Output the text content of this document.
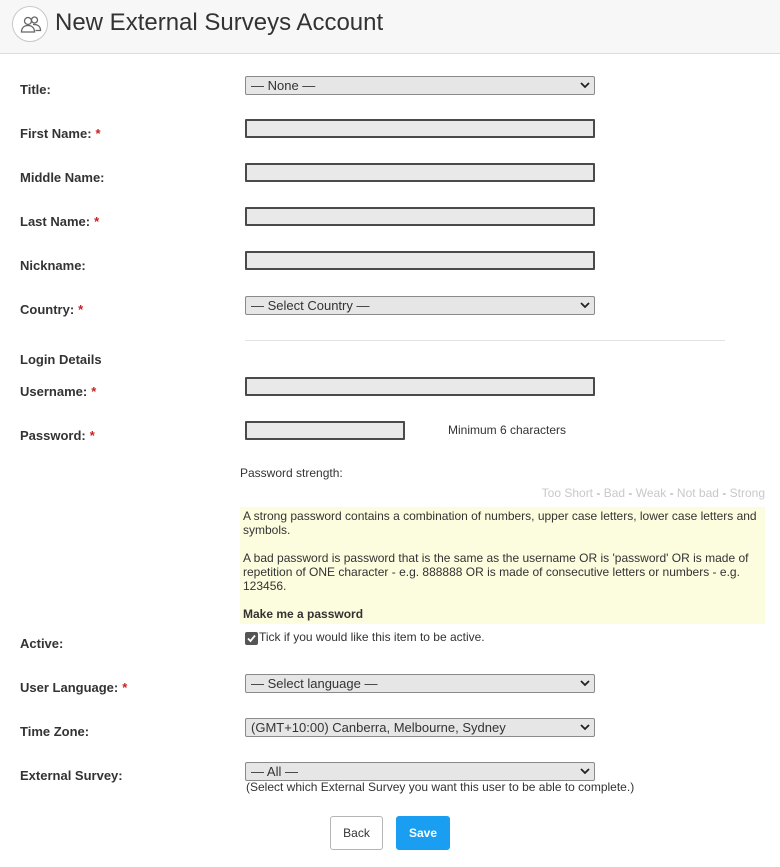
New External Surveys Account
Title:	— None —
First Name: *
Middle Name:
Last Name: *
Nickname:
Country: *	— Select Country —
Login Details
Username: *
Password: *	Minimum 6 characters
Password strength:
Too Short - Bad - Weak - Not bad - Strong

A strong password contains a combination of numbers, upper case letters, lower case letters and symbols.

A bad password is password that is the same as the username OR is 'password' OR is made of repetition of ONE character - e.g. 888888 OR is made of consecutive letters or numbers - e.g. 123456.

Make me a password
Active:	Tick if you would like this item to be active.
User Language: *	— Select language —
Time Zone:	(GMT+10:00) Canberra, Melbourne, Sydney
External Survey:	— All —
(Select which External Survey you want this user to be able to complete.)
Back	Save
